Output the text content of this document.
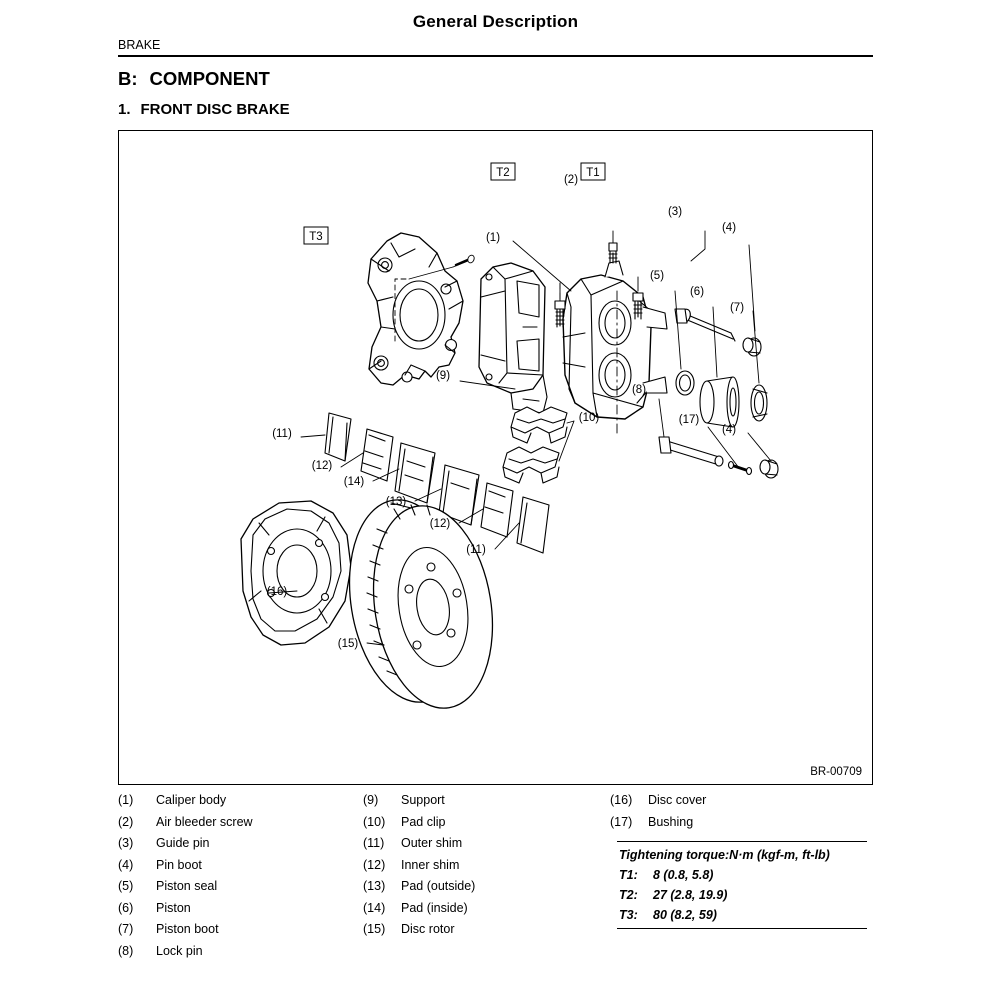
General Description
BRAKE
B: COMPONENT
1. FRONT DISC BRAKE
T2	T1
T3
(2)
(1)
(3)
(4)
(5)
(6)
(7)
(8)
(9)
(10)	(17)
(4)
(11)
(12)
(14)
(13)
(12)
(11)
(16)
(15)
BR-00709
(1)	Caliper body
(2)	Air bleeder screw
(3)	Guide pin
(4)	Pin boot
(5)	Piston seal
(6)	Piston
(7)	Piston boot
(8)	Lock pin
(9)	Support
(10)	Pad clip
(11)	Outer shim
(12)	Inner shim
(13)	Pad (outside)
(14)	Pad (inside)
(15)	Disc rotor
(16)	Disc cover
(17)	Bushing
Tightening torque:N·m (kgf-m, ft-lb)
T1:	8 (0.8, 5.8)
T2:	27 (2.8, 19.9)
T3:	80 (8.2, 59)
